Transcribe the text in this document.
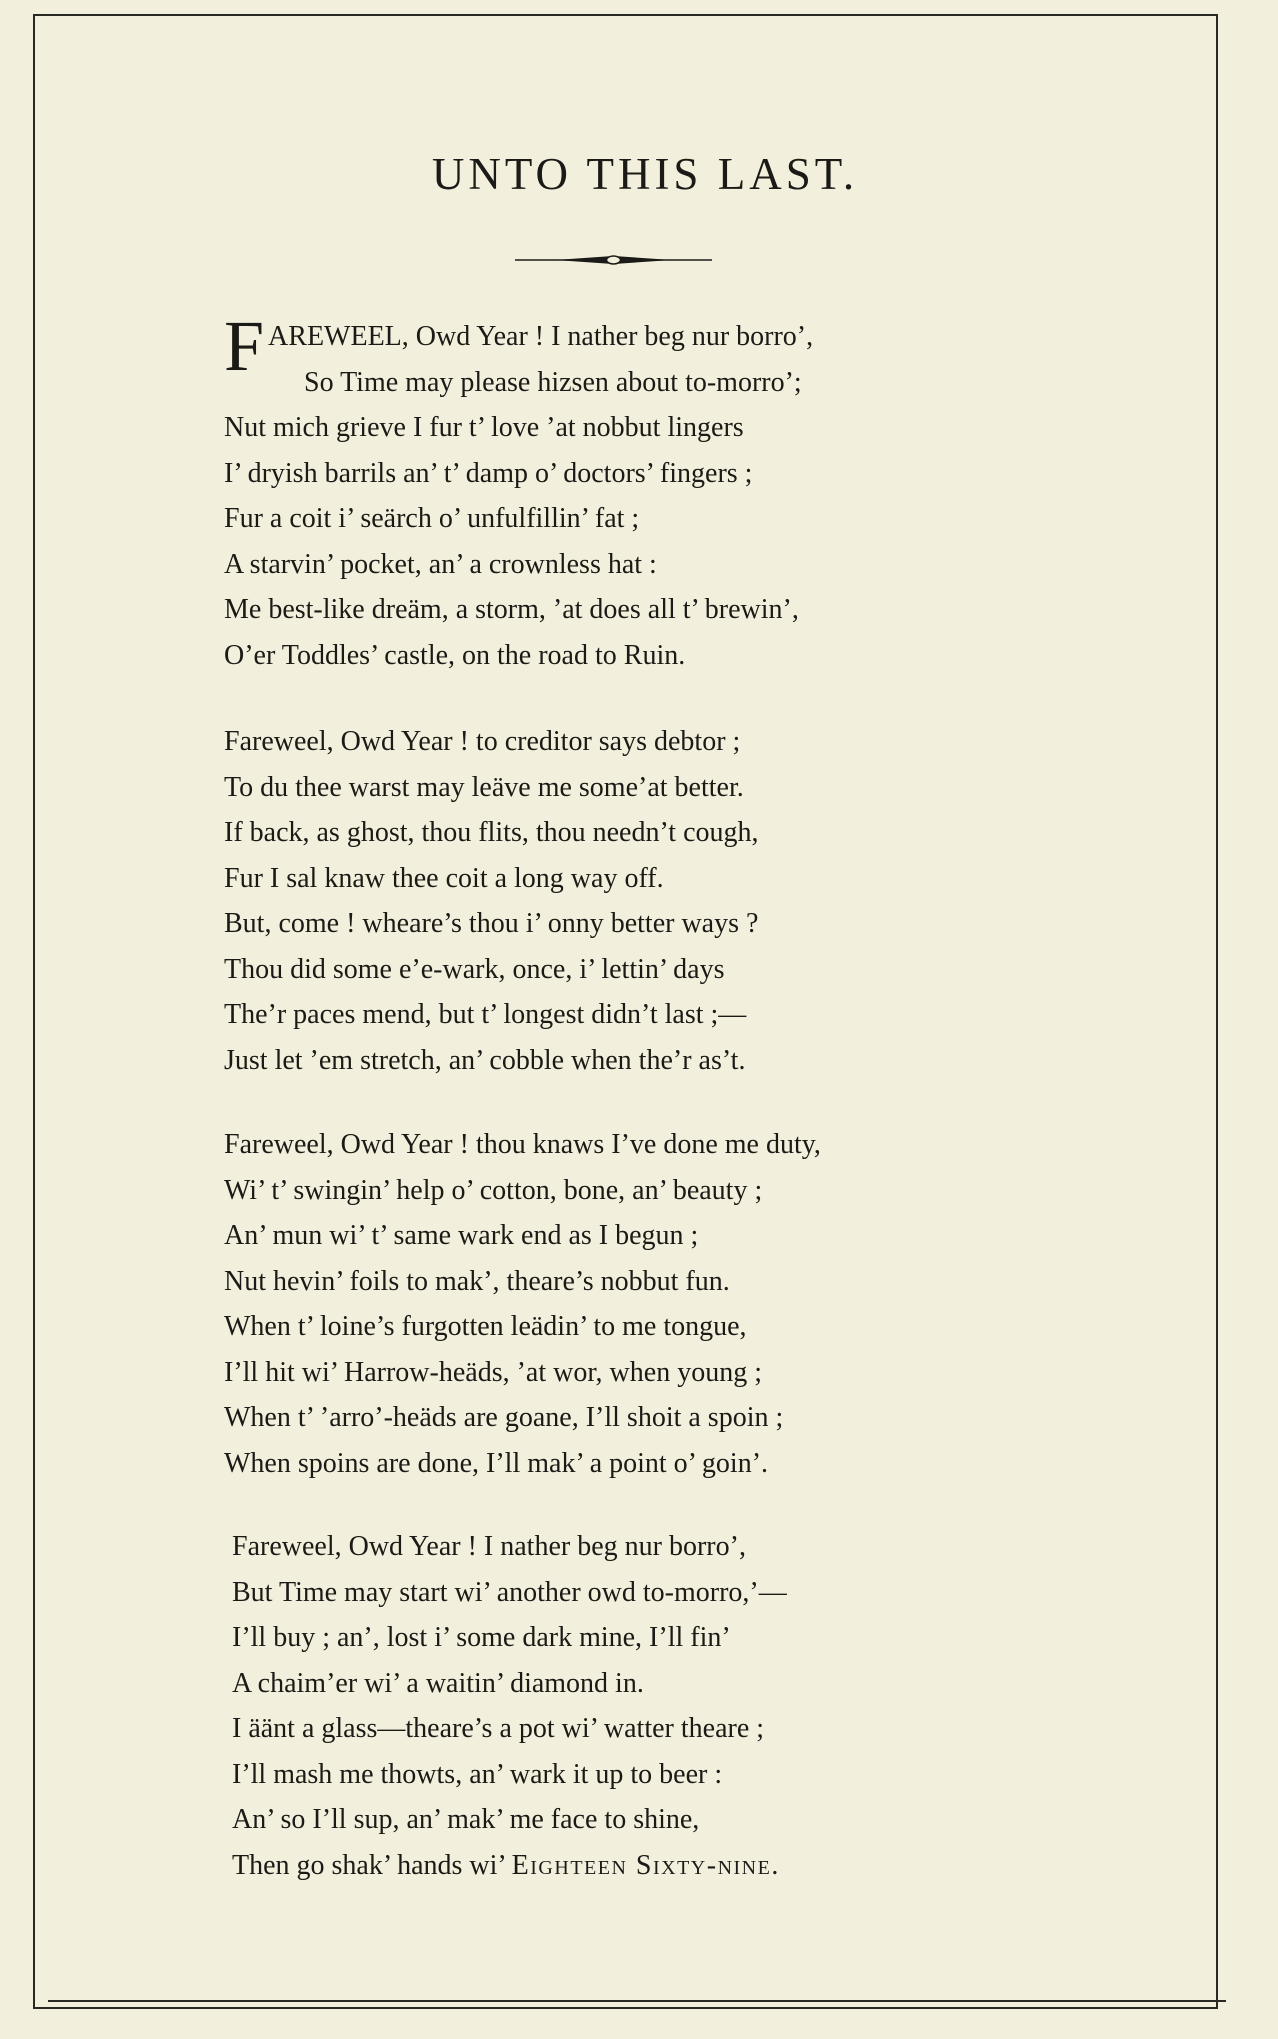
UNTO THIS LAST.
FAREWEEL, Owd Year ! I nather beg nur borro’,
So Time may please hizsen about to-morro’;
Nut mich grieve I fur t’ love ’at nobbut lingers
I’ dryish barrils an’ t’ damp o’ doctors’ fingers ;
Fur a coit i’ seärch o’ unfulfillin’ fat ;
A starvin’ pocket, an’ a crownless hat :
Me best-like dreäm, a storm, ’at does all t’ brewin’,
O’er Toddles’ castle, on the road to Ruin.
Fareweel, Owd Year ! to creditor says debtor ;
To du thee warst may leäve me some’at better.
If back, as ghost, thou flits, thou needn’t cough,
Fur I sal knaw thee coit a long way off.
But, come ! wheare’s thou i’ onny better ways ?
Thou did some e’e-wark, once, i’ lettin’ days
The’r paces mend, but t’ longest didn’t last ;—
Just let ’em stretch, an’ cobble when the’r as’t.
Fareweel, Owd Year ! thou knaws I’ve done me duty,
Wi’ t’ swingin’ help o’ cotton, bone, an’ beauty ;
An’ mun wi’ t’ same wark end as I begun ;
Nut hevin’ foils to mak’, theare’s nobbut fun.
When t’ loine’s furgotten leädin’ to me tongue,
I’ll hit wi’ Harrow-heäds, ’at wor, when young ;
When t’ ’arro’-heäds are goane, I’ll shoit a spoin ;
When spoins are done, I’ll mak’ a point o’ goin’.
Fareweel, Owd Year ! I nather beg nur borro’,
But Time may start wi’ another owd to-morro,’—
I’ll buy ; an’, lost i’ some dark mine, I’ll fin’
A chaim’er wi’ a waitin’ diamond in.
I äänt a glass—theare’s a pot wi’ watter theare ;
I’ll mash me thowts, an’ wark it up to beer :
An’ so I’ll sup, an’ mak’ me face to shine,
Then go shak’ hands wi’ Eighteen Sixty-nine.
